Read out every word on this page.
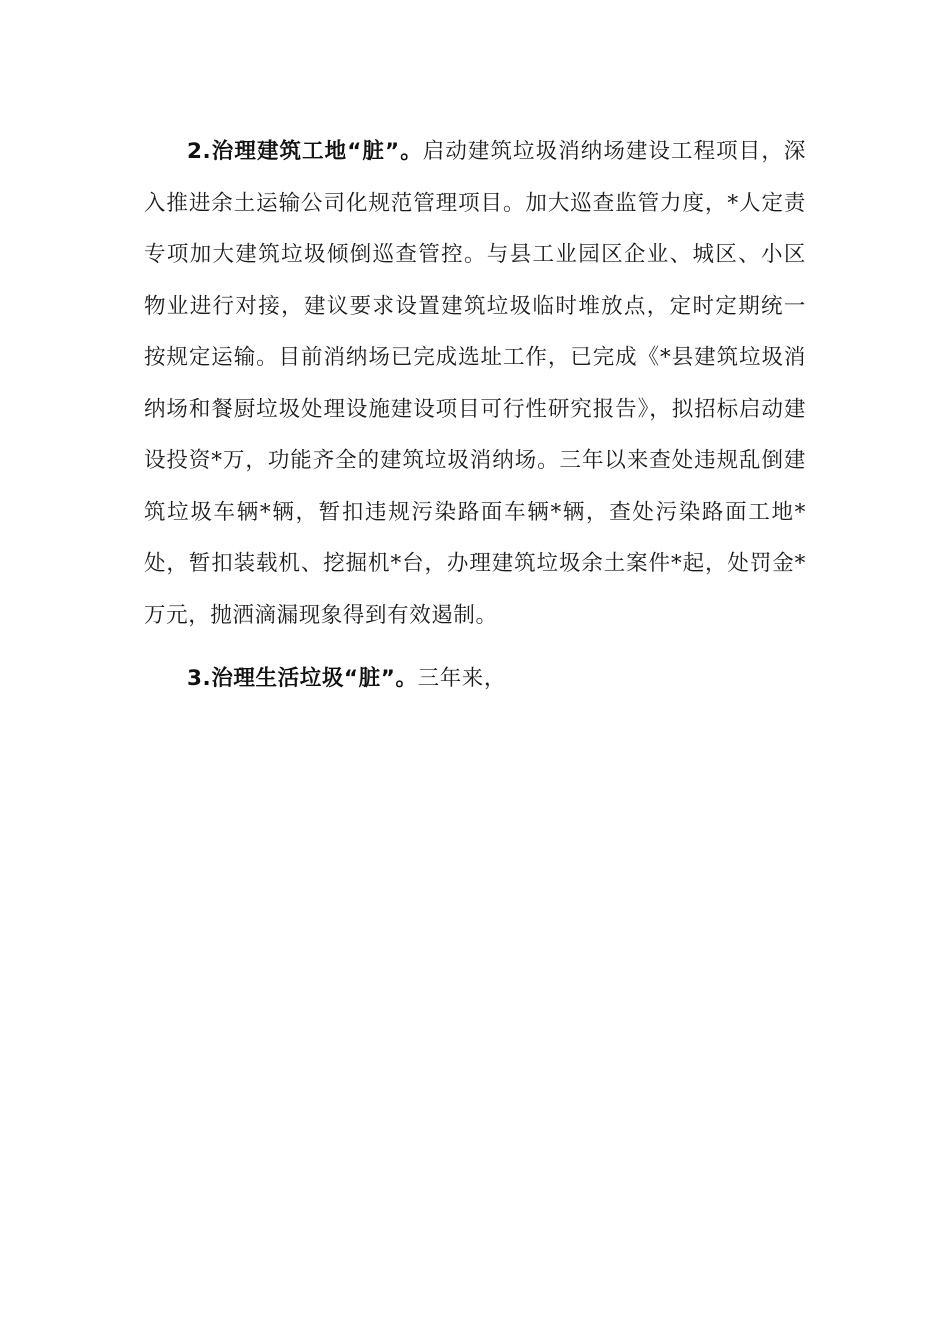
2.治理建筑工地“脏”。启动建筑垃圾消纳场建设工程项目，深入推进余土运输公司化规范管理项目。加大巡查监管力度，*人定责专项加大建筑垃圾倾倒巡查管控。与县工业园区企业、城区、小区物业进行对接，建议要求设置建筑垃圾临时堆放点，定时定期统一按规定运输。目前消纳场已完成选址工作，已完成《*县建筑垃圾消纳场和餐厨垃圾处理设施建设项目可行性研究报告》，拟招标启动建设投资*万，功能齐全的建筑垃圾消纳场。三年以来查处违规乱倒建筑垃圾车辆*辆，暂扣违规污染路面车辆*辆，查处污染路面工地*处，暂扣装载机、挖掘机*台，办理建筑垃圾余土案件*起，处罚金*万元，抛洒滴漏现象得到有效遏制。

3.治理生活垃圾“脏”。三年来，
